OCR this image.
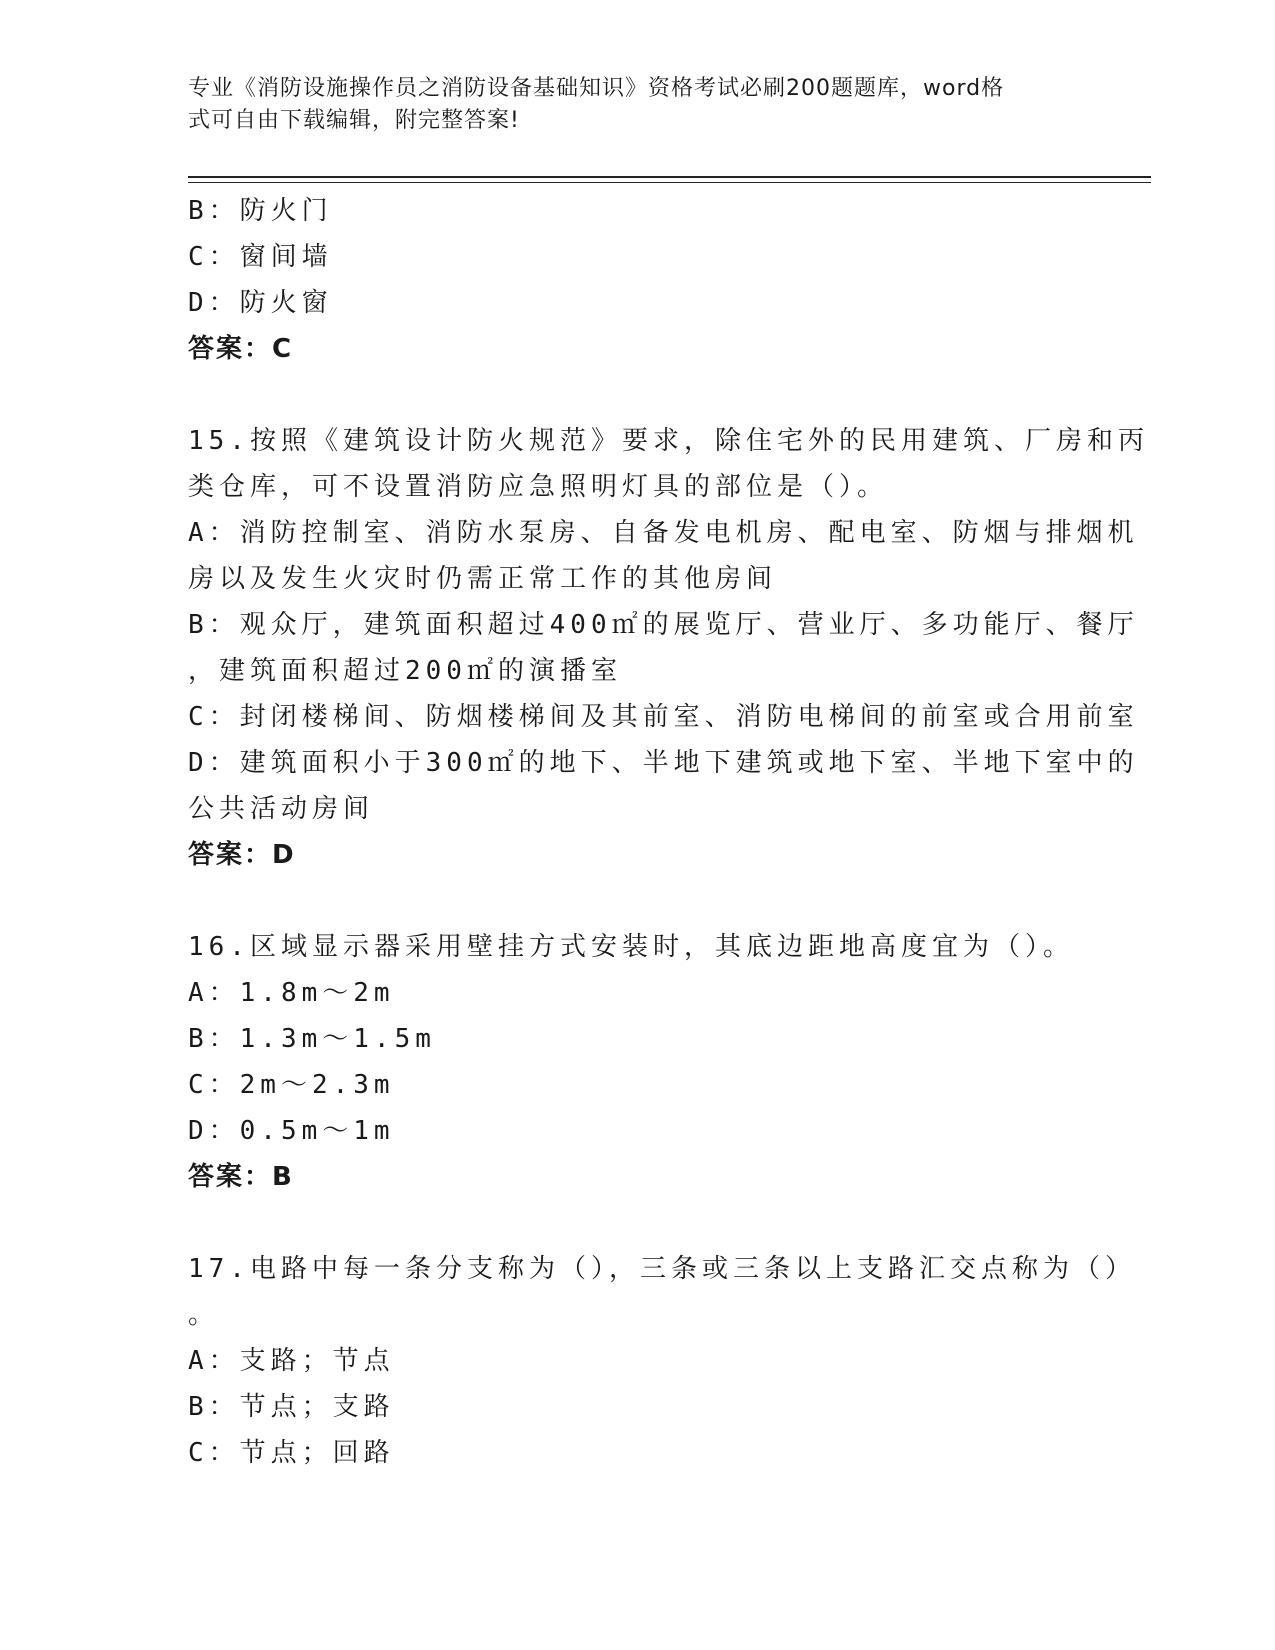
专业《消防设施操作员之消防设备基础知识》资格考试必刷200题题库，word格
式可自由下载编辑，附完整答案!
B：防火门
C：窗间墙
D：防火窗
答案：C
15.按照《建筑设计防火规范》要求，除住宅外的民用建筑、厂房和丙
类仓库，可不设置消防应急照明灯具的部位是（）。
A：消防控制室、消防水泵房、自备发电机房、配电室、防烟与排烟机
房以及发生火灾时仍需正常工作的其他房间
B：观众厅，建筑面积超过400㎡的展览厅、营业厅、多功能厅、餐厅
，建筑面积超过200㎡的演播室
C：封闭楼梯间、防烟楼梯间及其前室、消防电梯间的前室或合用前室
D：建筑面积小于300㎡的地下、半地下建筑或地下室、半地下室中的
公共活动房间
答案：D
16.区域显示器采用壁挂方式安装时，其底边距地高度宜为（）。
A：1.8m～2m
B：1.3m～1.5m
C：2m～2.3m
D：0.5m～1m
答案：B
17.电路中每一条分支称为（），三条或三条以上支路汇交点称为（）
。
A：支路；节点
B：节点；支路
C：节点；回路
